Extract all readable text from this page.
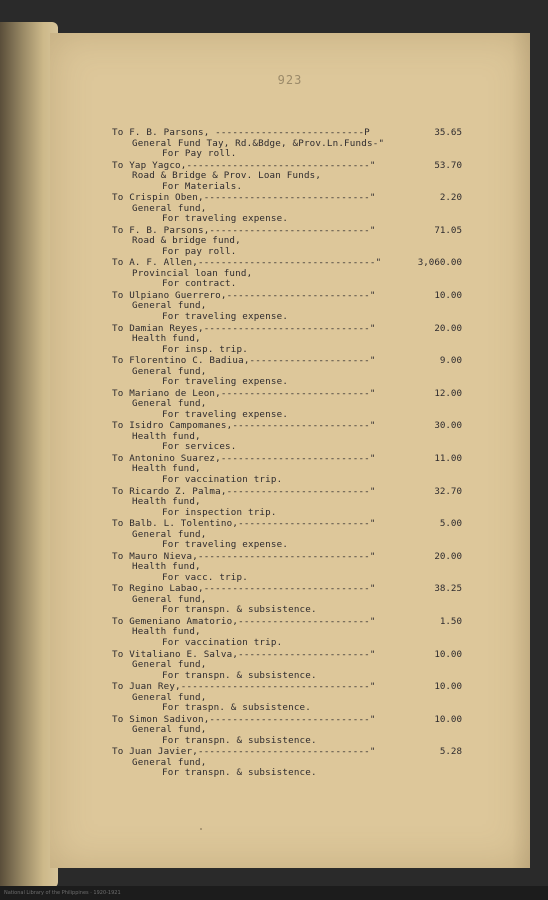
923
To F. B. Parsons, --------------------------P
General Fund Tay, Rd.&Bdge, &Prov.Ln.Funds-"
For Pay roll.
35.65
To Yap Yagco,--------------------------------"
Road & Bridge & Prov. Loan Funds,
For Materials.
53.70
To Crispin Oben,-----------------------------"
General fund,
For traveling expense.
2.20
To F. B. Parsons,----------------------------"
Road & bridge fund,
For pay roll.
71.05
To A. F. Allen,-------------------------------"
Provincial loan fund,
For contract.
3,060.00
To Ulpiano Guerrero,-------------------------"
General fund,
For traveling expense.
10.00
To Damian Reyes,-----------------------------"
Health fund,
For insp. trip.
20.00
To Florentino C. Badiua,---------------------"
General fund,
For traveling expense.
9.00
To Mariano de Leon,--------------------------"
General fund,
For traveling expense.
12.00
To Isidro Campomanes,------------------------"
Health fund,
For services.
30.00
To Antonino Suarez,--------------------------"
Health fund,
For vaccination trip.
11.00
To Ricardo Z. Palma,-------------------------"
Health fund,
For inspection trip.
32.70
To Balb. L. Tolentino,-----------------------"
General fund,
For traveling expense.
5.00
To Mauro Nieva,------------------------------"
Health fund,
For vacc. trip.
20.00
To Regino Labao,-----------------------------"
General fund,
For transpn. & subsistence.
38.25
To Gemeniano Amatorio,-----------------------"
Health fund,
For vaccination trip.
1.50
To Vitaliano E. Salva,-----------------------"
General fund,
For transpn. & subsistence.
10.00
To Juan Rey,---------------------------------"
General fund,
For traspn. & subsistence.
10.00
To Simon Sadivon,----------------------------"
General fund,
For transpn. & subsistence.
10.00
To Juan Javier,------------------------------"
General fund,
For transpn. & subsistence.
5.28
National Library of the Philippines · 1920-1921
